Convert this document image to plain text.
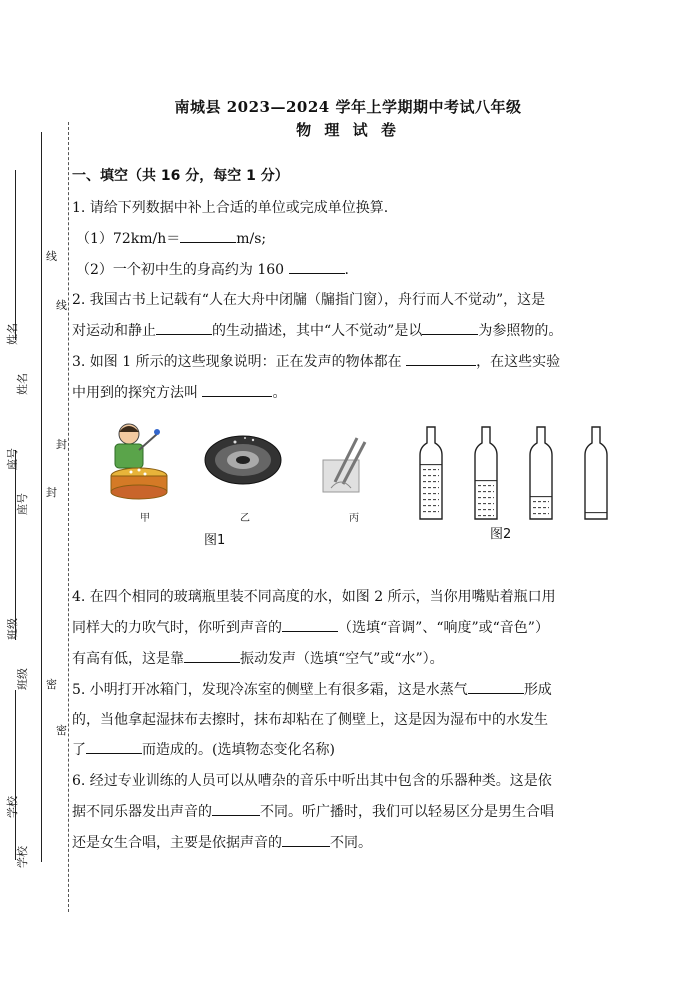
南城县 2023—2024 学年上学期期中考试八年级
物 理 试 卷
姓名
姓名
座号
座号
班级
班级
学校
学校
线
线
封
封
密
密
一、填空（共 16 分，每空 1 分）
1. 请给下列数据中补上合适的单位或完成单位换算.
（1）72km/h＝	m/s;
（2）一个初中生的身高约为 160	.
2. 我国古书上记载有“人在大舟中闭牖（牖指门窗），舟行而人不觉动”，这是
对运动和静止	的生动描述，其中“人不觉动”是以	为参照物的。
3. 如图 1 所示的这些现象说明：正在发声的物体都在	，在这些实验
中用到的探究方法叫	。
甲	乙	丙
图1	图2
4. 在四个相同的玻璃瓶里装不同高度的水，如图 2 所示，当你用嘴贴着瓶口用
同样大的力吹气时，你听到声音的	（选填“音调”、“响度”或“音色”）
有高有低，这是靠	振动发声（选填“空气”或“水”）。
5. 小明打开冰箱门，发现冷冻室的侧壁上有很多霜，这是水蒸气	形成
的，当他拿起湿抹布去擦时，抹布却粘在了侧壁上，这是因为湿布中的水发生
了	而造成的。(选填物态变化名称)
6. 经过专业训练的人员可以从嘈杂的音乐中听出其中包含的乐器种类。这是依
据不同乐器发出声音的	不同。听广播时，我们可以轻易区分是男生合唱
还是女生合唱，主要是依据声音的	不同。
